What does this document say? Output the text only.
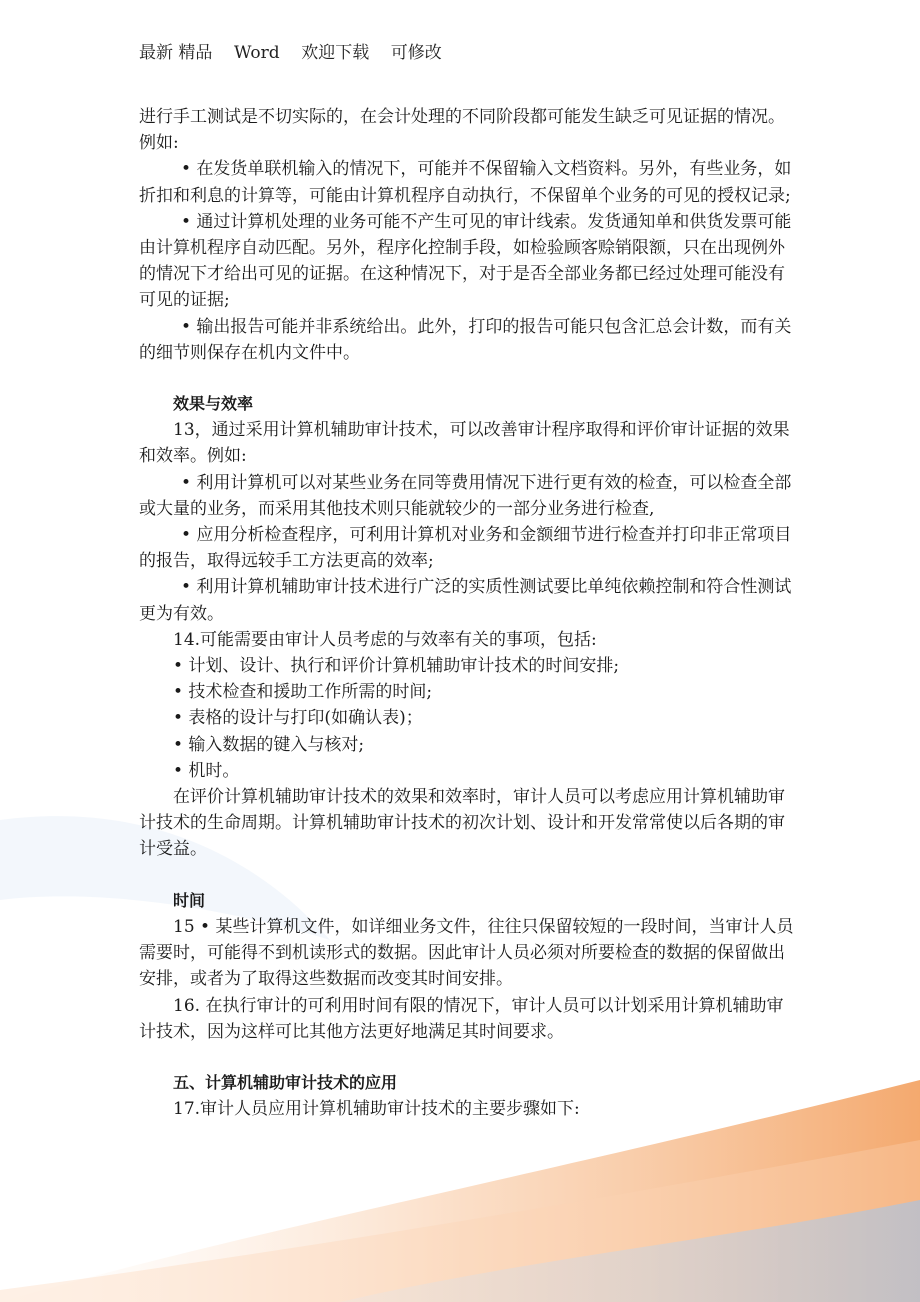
最新 精品    Word    欢迎下载    可修改
进行手工测试是不切实际的，在会计处理的不同阶段都可能发生缺乏可见证据的情况。
例如:
• 在发货单联机输入的情况下，可能并不保留输入文档资料。另外，有些业务，如
折扣和利息的计算等，可能由计算机程序自动执行，不保留单个业务的可见的授权记录;
• 通过计算机处理的业务可能不产生可见的审计线索。发货通知单和供货发票可能
由计算机程序自动匹配。另外，程序化控制手段，如检验顾客赊销限额，只在出现例外
的情况下才给出可见的证据。在这种情况下，对于是否全部业务都已经过处理可能没有
可见的证据;
• 输出报告可能并非系统给出。此外，打印的报告可能只包含汇总会计数，而有关
的细节则保存在机内文件中。
效果与效率
13，通过采用计算机辅助审计技术，可以改善审计程序取得和评价审计证据的效果
和效率。例如:
• 利用计算机可以对某些业务在同等费用情况下进行更有效的检查，可以检查全部
或大量的业务，而采用其他技术则只能就较少的一部分业务进行检查,
• 应用分析检查程序，可利用计算机对业务和金额细节进行检查并打印非正常项目
的报告，取得远较手工方法更高的效率;
• 利用计算机辅助审计技术进行广泛的实质性测试要比单纯依赖控制和符合性测试
更为有效。
14.可能需要由审计人员考虑的与效率有关的事项，包括:
• 计划、设计、执行和评价计算机辅助审计技术的时间安排;
• 技术检查和援助工作所需的时间;
• 表格的设计与打印(如确认表)；
• 输入数据的键入与核对;
• 机时。
在评价计算机辅助审计技术的效果和效率时，审计人员可以考虑应用计算机辅助审
计技术的生命周期。计算机辅助审计技术的初次计划、设计和开发常常使以后各期的审
计受益。
时间
15 • 某些计算机文件，如详细业务文件，往往只保留较短的一段时间，当审计人员
需要时，可能得不到机读形式的数据。因此审计人员必须对所要检查的数据的保留做出
安排，或者为了取得这些数据而改变其时间安排。
16. 在执行审计的可利用时间有限的情况下，审计人员可以计划采用计算机辅助审
计技术，因为这样可比其他方法更好地满足其时间要求。
五、计算机辅助审计技术的应用
17.审计人员应用计算机辅助审计技术的主要步骤如下:
